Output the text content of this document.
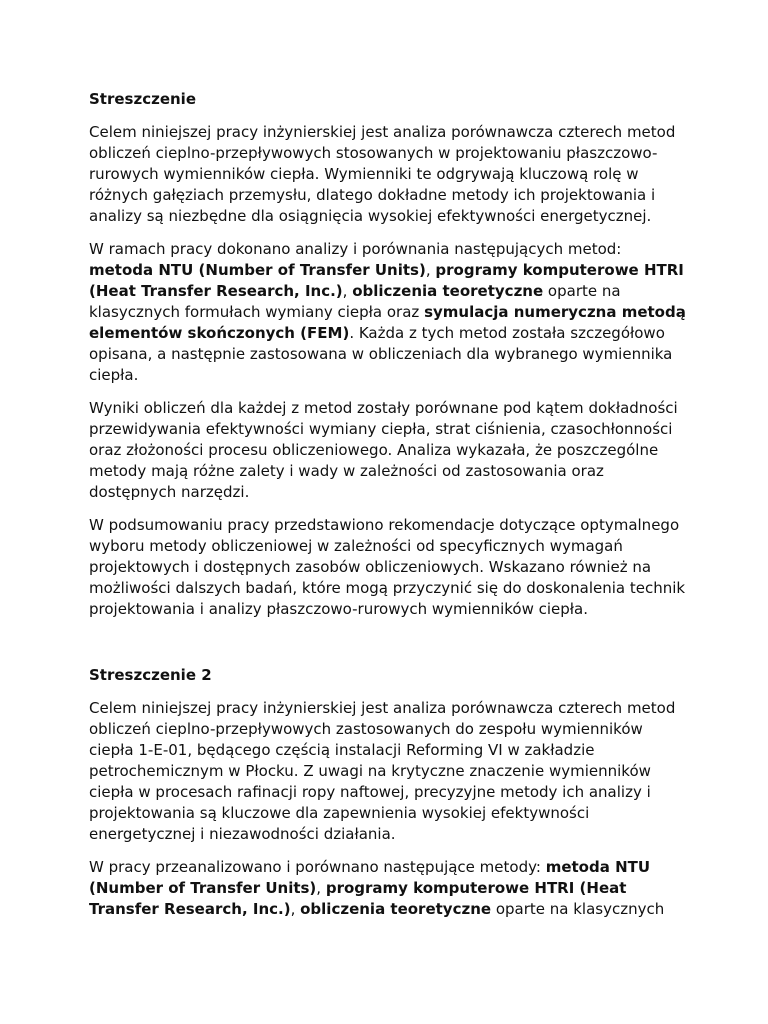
Streszczenie

Celem niniejszej pracy inżynierskiej jest analiza porównawcza czterech metod obliczeń cieplno-przepływowych stosowanych w projektowaniu płaszczowo-rurowych wymienników ciepła. Wymienniki te odgrywają kluczową rolę w różnych gałęziach przemysłu, dlatego dokładne metody ich projektowania i analizy są niezbędne dla osiągnięcia wysokiej efektywności energetycznej.

W ramach pracy dokonano analizy i porównania następujących metod: metoda NTU (Number of Transfer Units), programy komputerowe HTRI (Heat Transfer Research, Inc.), obliczenia teoretyczne oparte na klasycznych formułach wymiany ciepła oraz symulacja numeryczna metodą elementów skończonych (FEM). Każda z tych metod została szczegółowo opisana, a następnie zastosowana w obliczeniach dla wybranego wymiennika ciepła.

Wyniki obliczeń dla każdej z metod zostały porównane pod kątem dokładności przewidywania efektywności wymiany ciepła, strat ciśnienia, czasochłonności oraz złożoności procesu obliczeniowego. Analiza wykazała, że poszczególne metody mają różne zalety i wady w zależności od zastosowania oraz dostępnych narzędzi.

W podsumowaniu pracy przedstawiono rekomendacje dotyczące optymalnego wyboru metody obliczeniowej w zależności od specyficznych wymagań projektowych i dostępnych zasobów obliczeniowych. Wskazano również na możliwości dalszych badań, które mogą przyczynić się do doskonalenia technik projektowania i analizy płaszczowo-rurowych wymienników ciepła.

Streszczenie 2

Celem niniejszej pracy inżynierskiej jest analiza porównawcza czterech metod obliczeń cieplno-przepływowych zastosowanych do zespołu wymienników ciepła 1-E-01, będącego częścią instalacji Reforming VI w zakładzie petrochemicznym w Płocku. Z uwagi na krytyczne znaczenie wymienników ciepła w procesach rafinacji ropy naftowej, precyzyjne metody ich analizy i projektowania są kluczowe dla zapewnienia wysokiej efektywności energetycznej i niezawodności działania.

W pracy przeanalizowano i porównano następujące metody: metoda NTU (Number of Transfer Units), programy komputerowe HTRI (Heat Transfer Research, Inc.), obliczenia teoretyczne oparte na klasycznych
